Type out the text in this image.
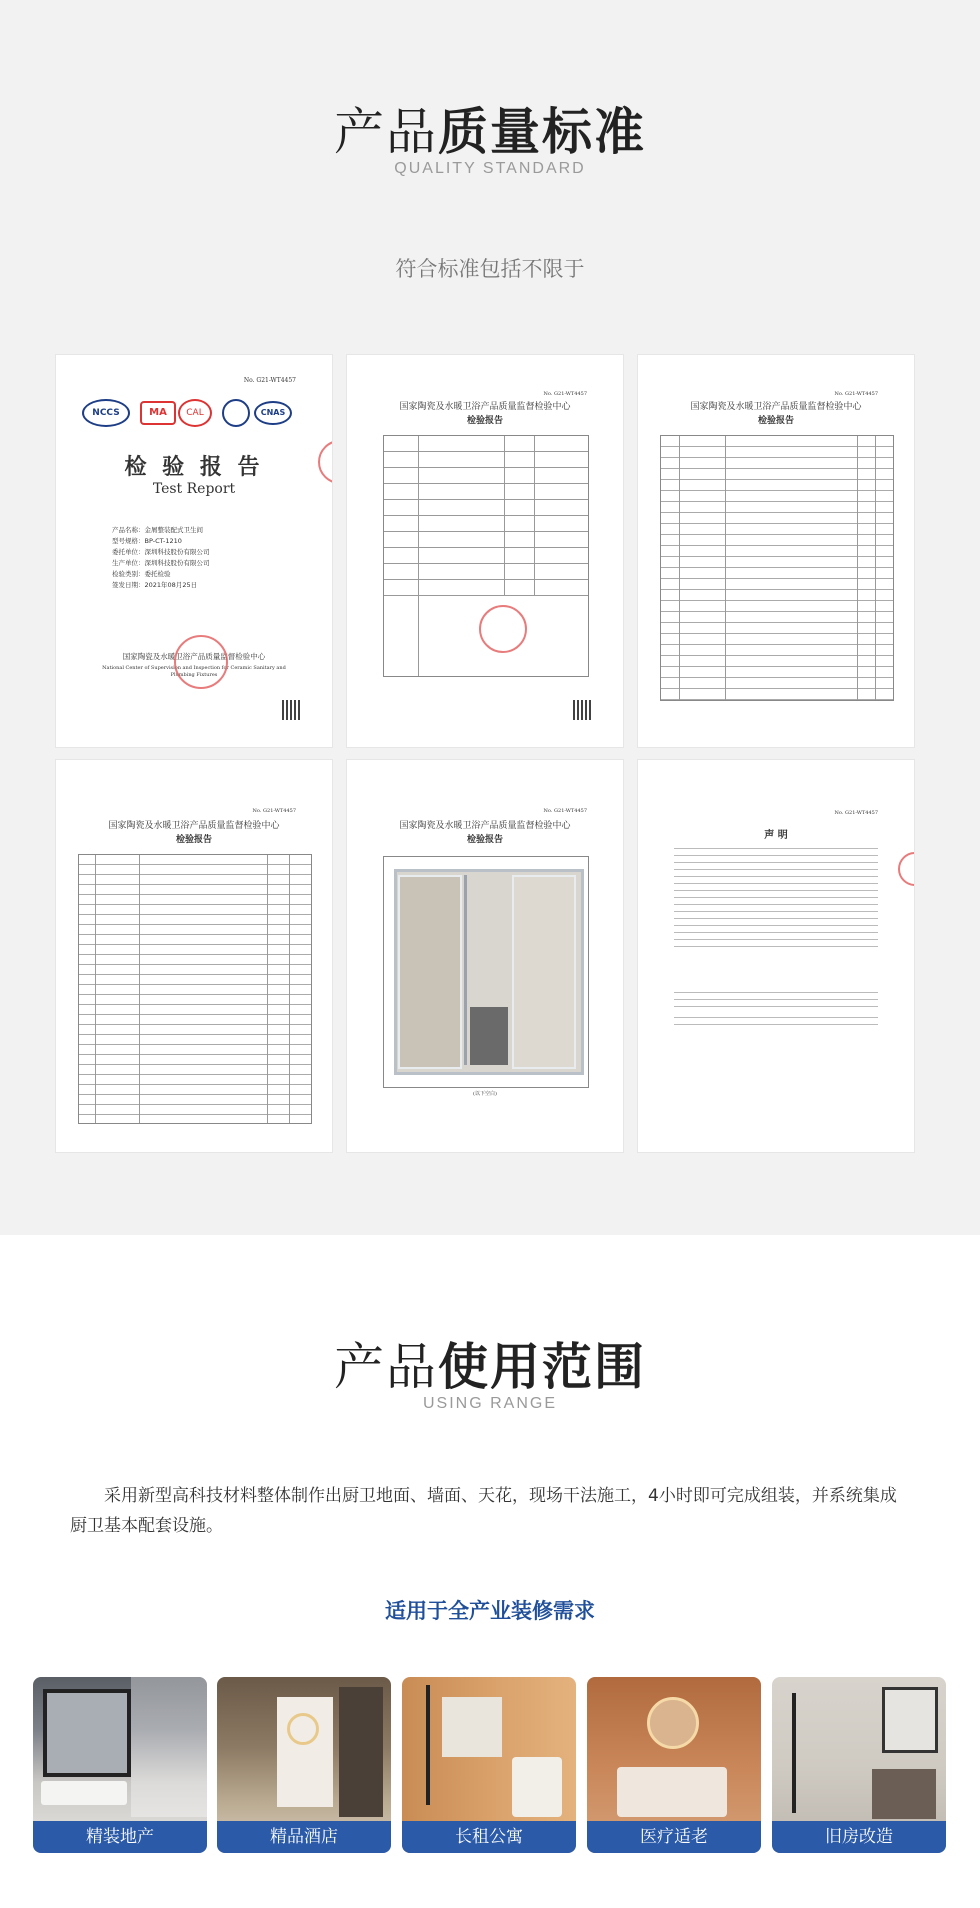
产品质量标准
QUALITY STANDARD
符合标准包括不限于
No. G21-WT4457
NCCS	MA	CAL	CNAS
检 验 报 告
Test Report
产品名称：金屑整装配式卫生间
型号规格：BP-CT-1210
委托单位：深圳科技股份有限公司
生产单位：深圳科技股份有限公司
检验类别：委托检验
签发日期：2021年08月25日
国家陶瓷及水暖卫浴产品质量监督检验中心
National Center of Supervision and Inspection for Ceramic Sanitary and Plumbing Fixtures
No. G21-WT4457
国家陶瓷及水暖卫浴产品质量监督检验中心
检验报告
No. G21-WT4457
国家陶瓷及水暖卫浴产品质量监督检验中心
检验报告
No. G21-WT4457
国家陶瓷及水暖卫浴产品质量监督检验中心
检验报告
No. G21-WT4457
国家陶瓷及水暖卫浴产品质量监督检验中心
检验报告
(以下空白)
No. G21-WT4457
声 明
产品使用范围
USING RANGE
采用新型高科技材料整体制作出厨卫地面、墙面、天花，现场干法施工，4小时即可完成组装，并系统集成厨卫基本配套设施。
适用于全产业装修需求
精装地产	精品酒店	长租公寓	医疗适老	旧房改造
